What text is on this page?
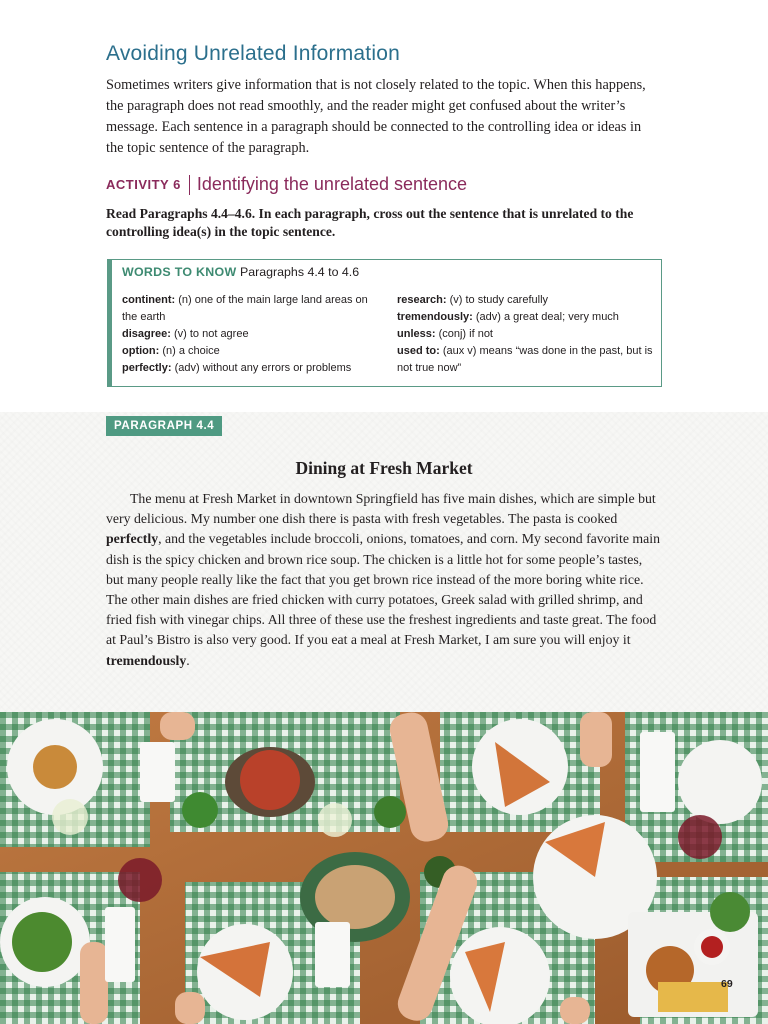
Avoiding Unrelated Information

Sometimes writers give information that is not closely related to the topic. When this happens, the paragraph does not read smoothly, and the reader might get confused about the writer’s message. Each sentence in a paragraph should be connected to the controlling idea or ideas in the topic sentence of the paragraph.

ACTIVITY 6 Identifying the unrelated sentence

Read Paragraphs 4.4–4.6. In each paragraph, cross out the sentence that is unrelated to the controlling idea(s) in the topic sentence.

WORDS TO KNOW Paragraphs 4.4 to 4.6
continent: (n) one of the main large land areas on the earth
disagree: (v) to not agree
option: (n) a choice
perfectly: (adv) without any errors or problems
research: (v) to study carefully
tremendously: (adv) a great deal; very much
unless: (conj) if not
used to: (aux v) means “was done in the past, but is not true now”
PARAGRAPH 4.4
Dining at Fresh Market

The menu at Fresh Market in downtown Springfield has five main dishes, which are simple but very delicious. My number one dish there is pasta with fresh vegetables. The pasta is cooked perfectly, and the vegetables include broccoli, onions, tomatoes, and corn. My second favorite main dish is the spicy chicken and brown rice soup. The chicken is a little hot for some people’s tastes, but many people really like the fact that you get brown rice instead of the more boring white rice. The other main dishes are fried chicken with curry potatoes, Greek salad with grilled shrimp, and fried fish with vinegar chips. All three of these use the freshest ingredients and taste great. The food at Paul’s Bistro is also very good. If you eat a meal at Fresh Market, I am sure you will enjoy it tremendously.

69
